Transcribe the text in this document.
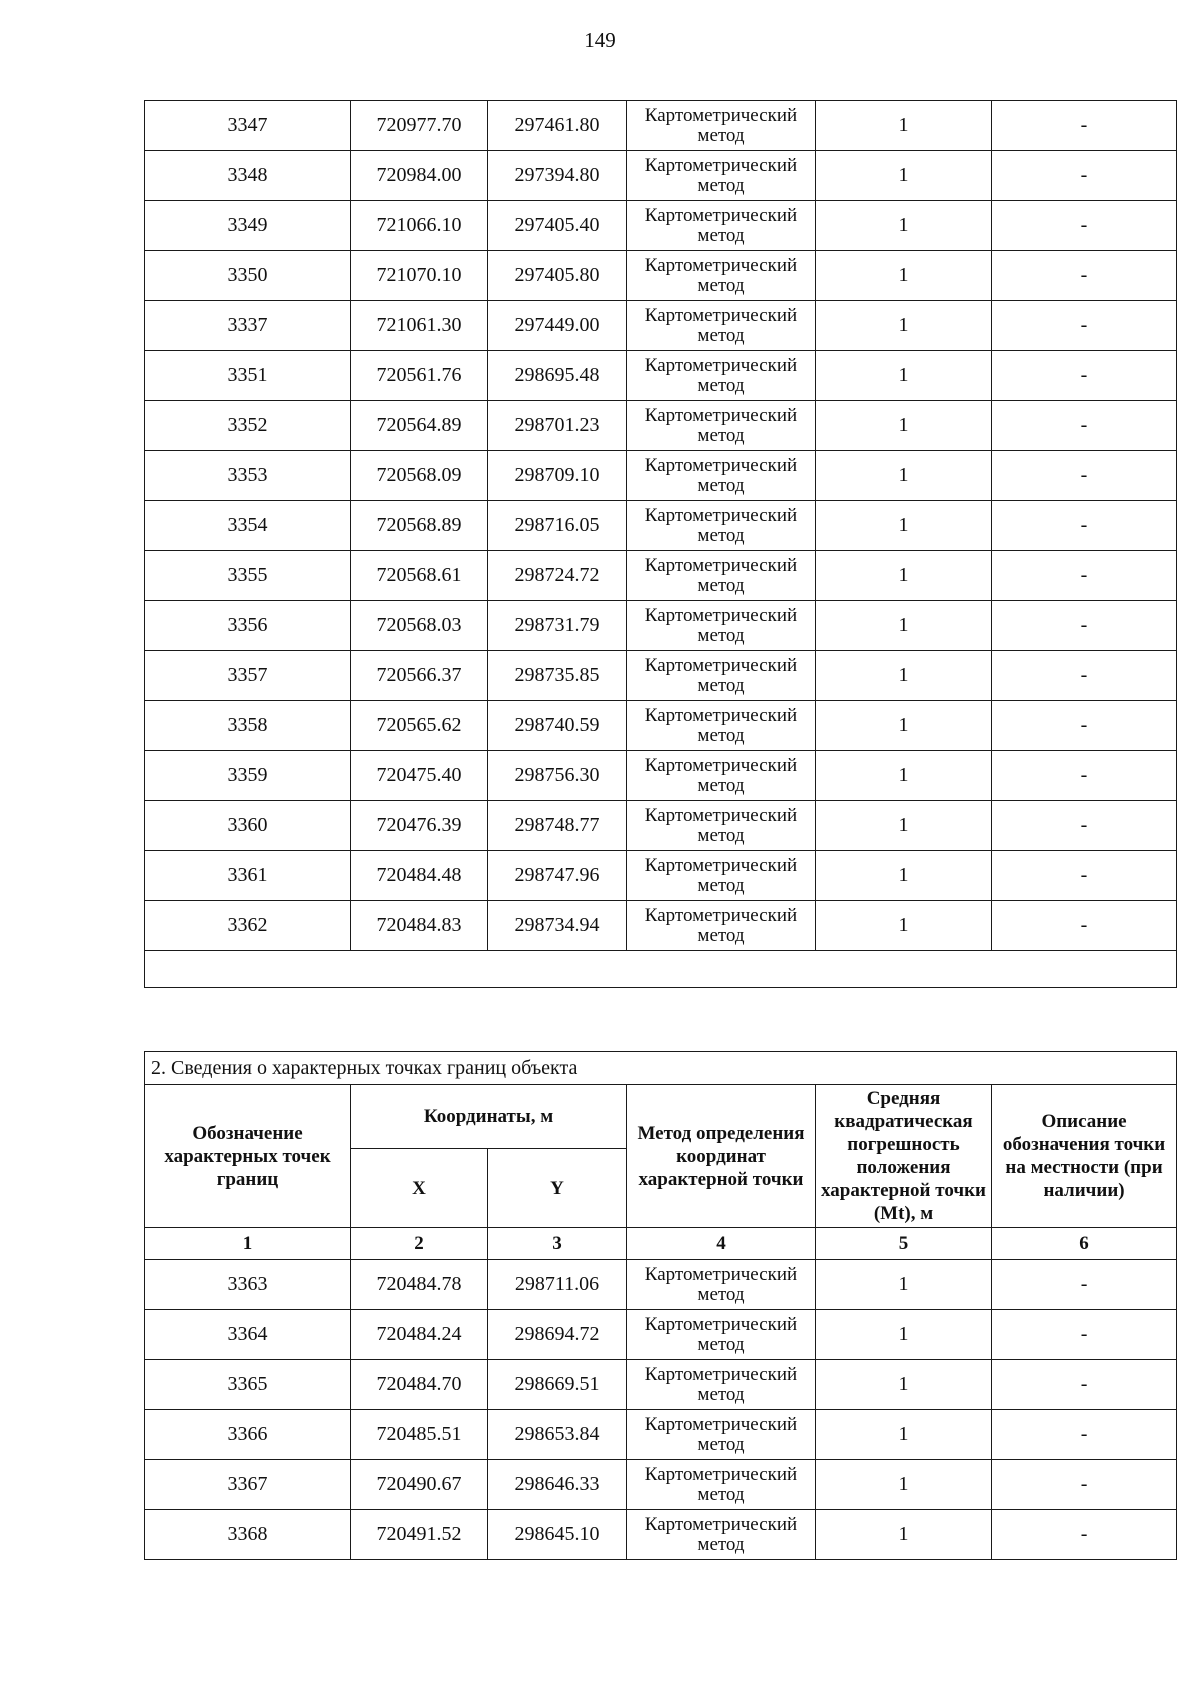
149
3347	720977.70	297461.80	Картометрический метод	1	-
3348	720984.00	297394.80	Картометрический метод	1	-
3349	721066.10	297405.40	Картометрический метод	1	-
3350	721070.10	297405.80	Картометрический метод	1	-
3337	721061.30	297449.00	Картометрический метод	1	-
3351	720561.76	298695.48	Картометрический метод	1	-
3352	720564.89	298701.23	Картометрический метод	1	-
3353	720568.09	298709.10	Картометрический метод	1	-
3354	720568.89	298716.05	Картометрический метод	1	-
3355	720568.61	298724.72	Картометрический метод	1	-
3356	720568.03	298731.79	Картометрический метод	1	-
3357	720566.37	298735.85	Картометрический метод	1	-
3358	720565.62	298740.59	Картометрический метод	1	-
3359	720475.40	298756.30	Картометрический метод	1	-
3360	720476.39	298748.77	Картометрический метод	1	-
3361	720484.48	298747.96	Картометрический метод	1	-
3362	720484.83	298734.94	Картометрический метод	1	-

2. Сведения о характерных точках границ объекта					
Обозначение характерных точек границ	Координаты, м		Метод определения координат характерной точки	Средняя квадратическая погрешность положения характерной точки (Mt), м	Описание обозначения точки на местности (при наличии)
	X	Y			
1	2	3	4	5	6
3363	720484.78	298711.06	Картометрический метод	1	-
3364	720484.24	298694.72	Картометрический метод	1	-
3365	720484.70	298669.51	Картометрический метод	1	-
3366	720485.51	298653.84	Картометрический метод	1	-
3367	720490.67	298646.33	Картометрический метод	1	-
3368	720491.52	298645.10	Картометрический метод	1	-
